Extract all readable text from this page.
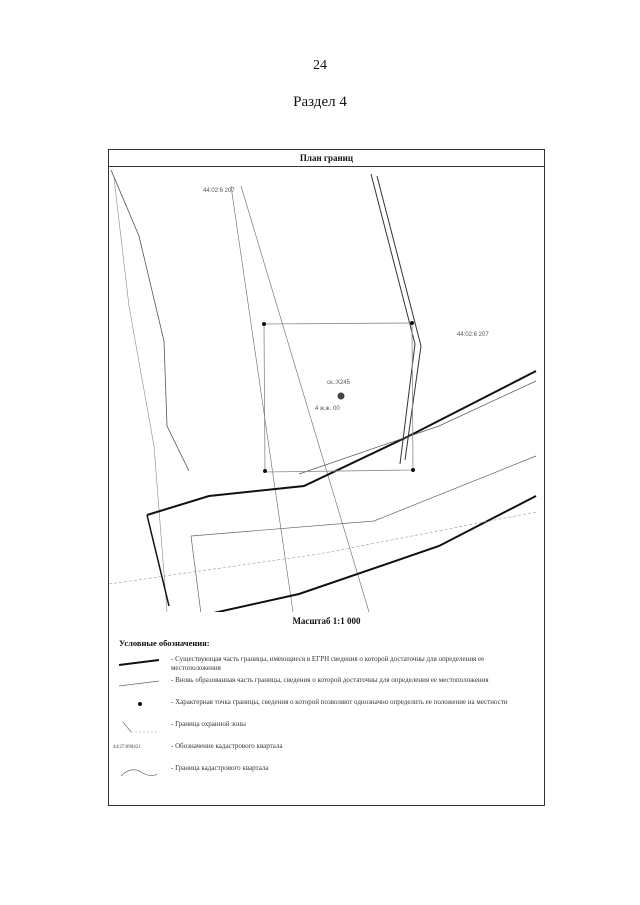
24
Раздел 4
План границ
44:02:6 207
44:02:6 207
ск.:Х245
4 ж.ж. 00
Масштаб 1:1 000
Условные обозначения:
- Существующая часть границы, имеющиеся в ЕГРН сведения о которой достаточны для определения ее местоположения
- Вновь образованная часть границы, сведения о которой достаточны для определения ее местоположения
- Характерная точка границы, сведения о которой позволяют однозначно определить ее положение на местности
- Граница охранной зоны
44:27:090421	- Обозначение кадастрового квартала
- Граница кадастрового квартала
